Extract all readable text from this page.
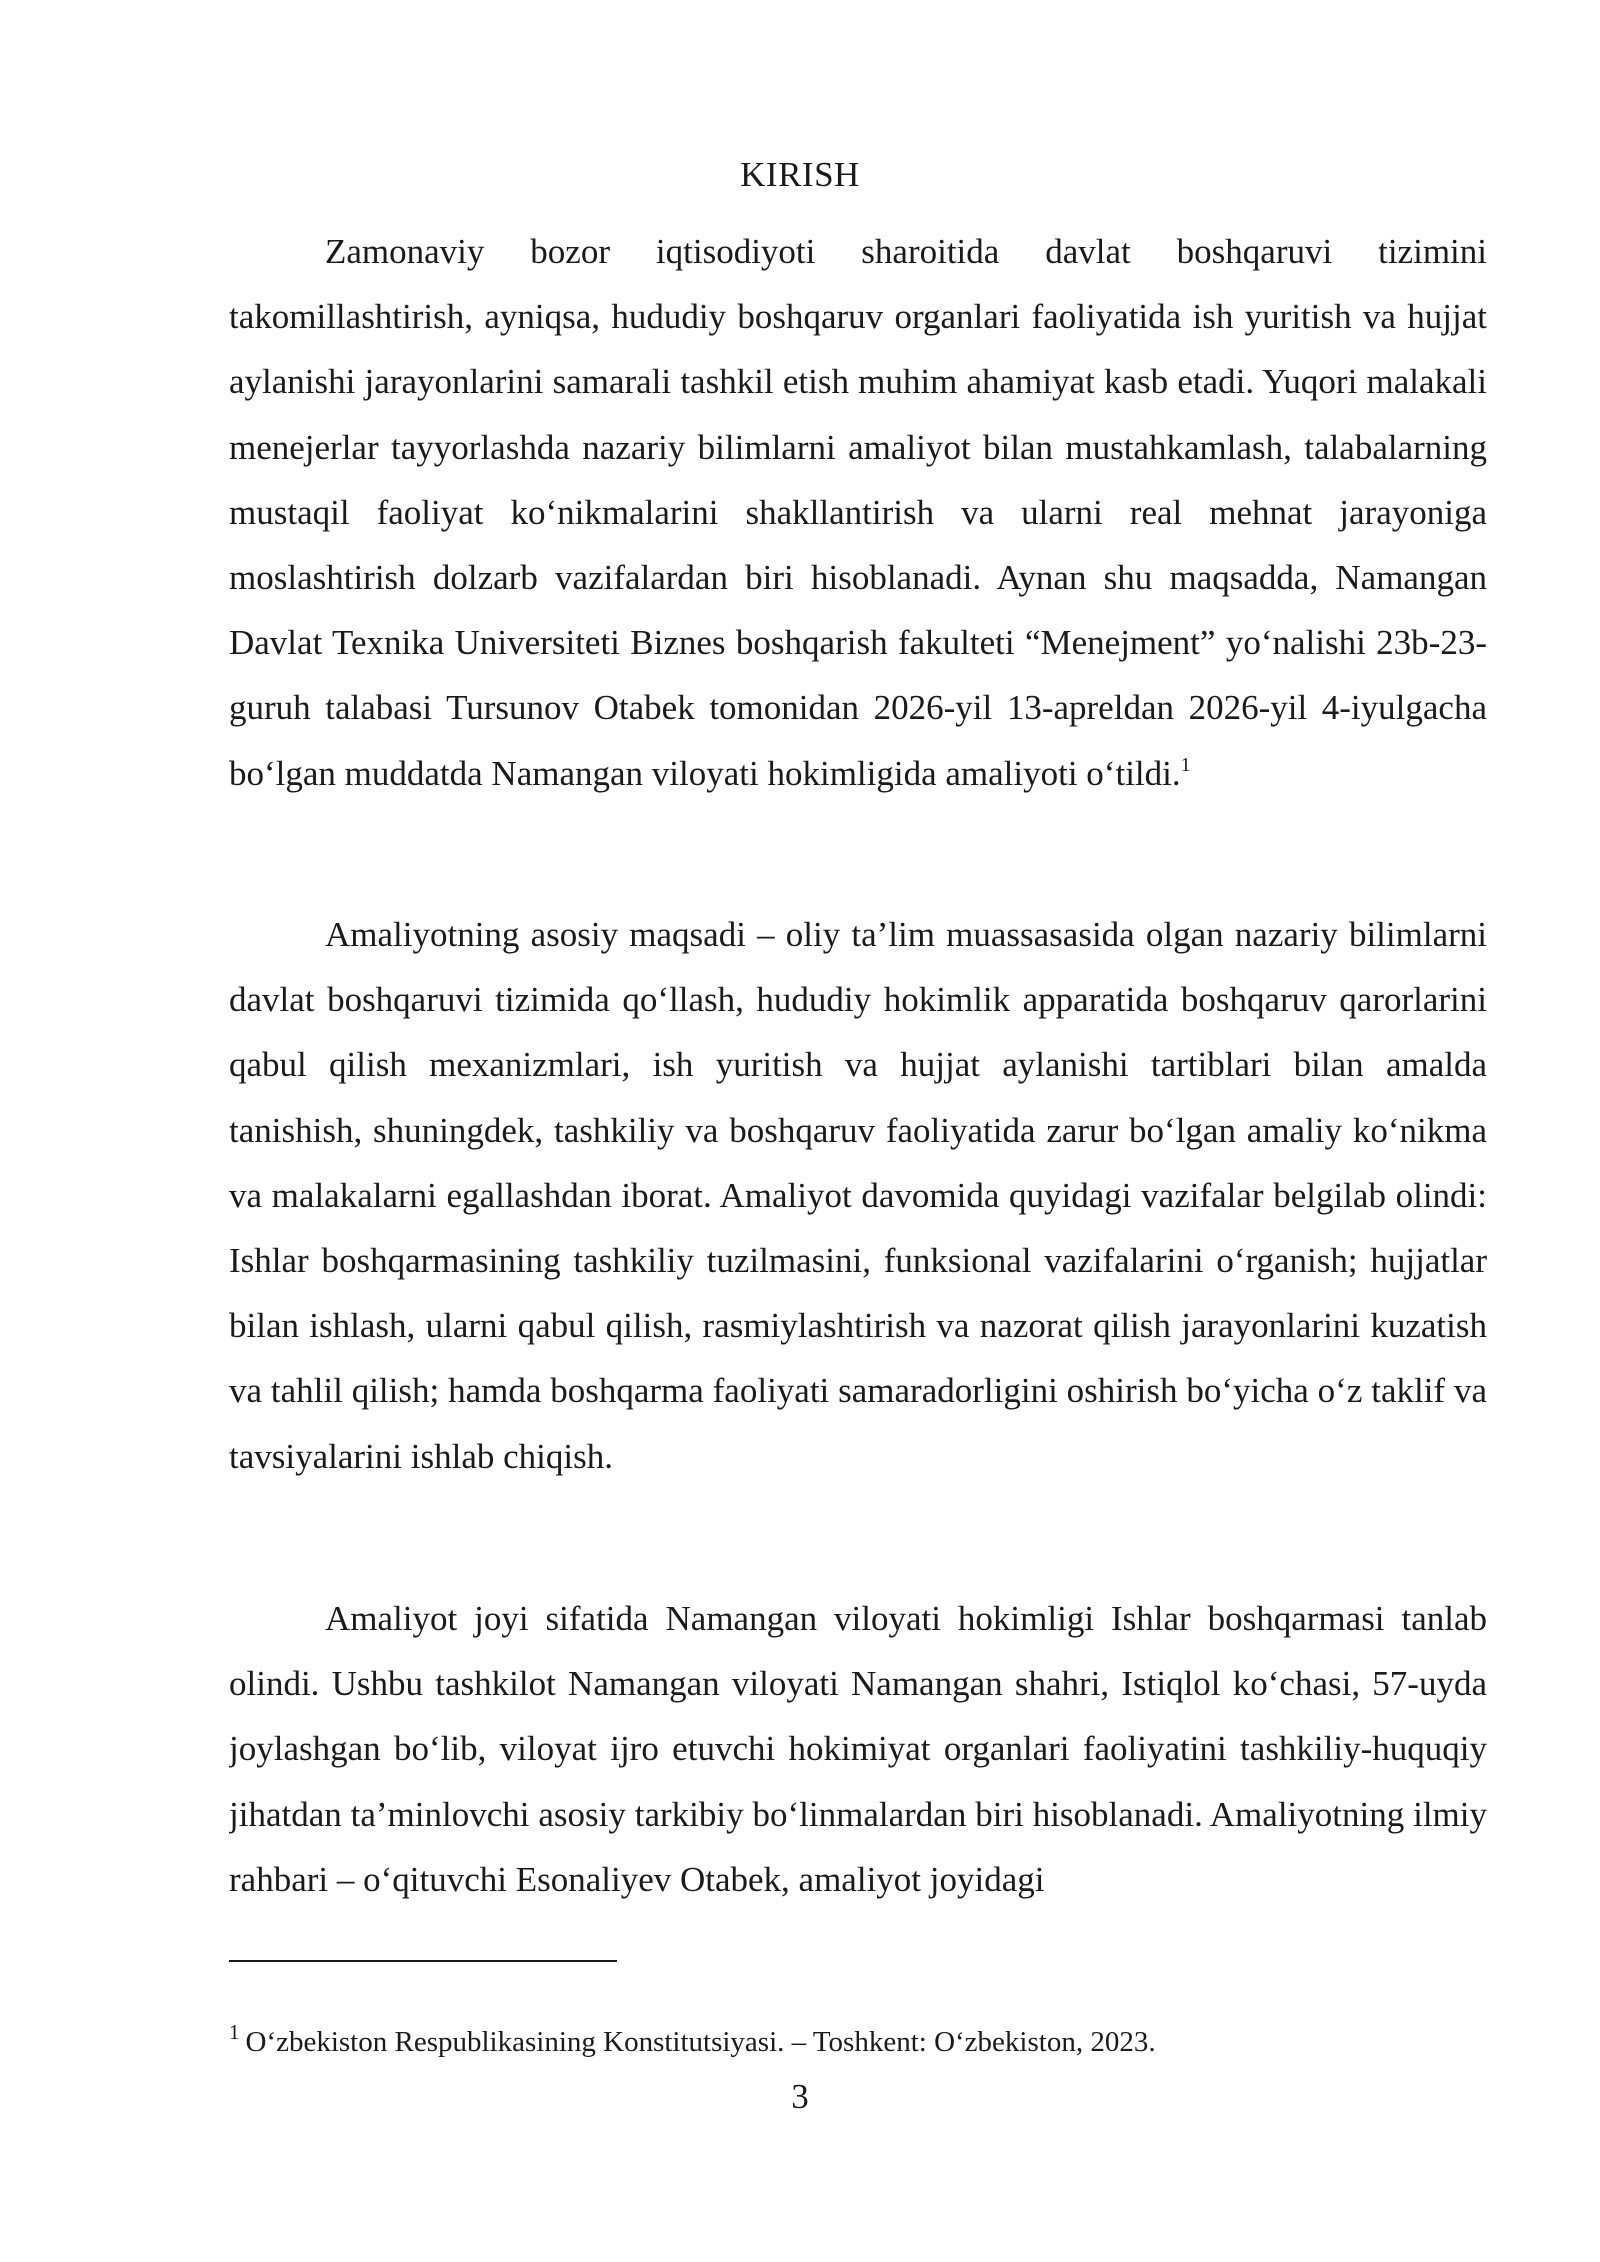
KIRISH

Zamonaviy bozor iqtisodiyoti sharoitida davlat boshqaruvi tizimini takomillashtirish, ayniqsa, hududiy boshqaruv organlari faoliyatida ish yuritish va hujjat aylanishi jarayonlarini samarali tashkil etish muhim ahamiyat kasb etadi. Yuqori malakali menejerlar tayyorlashda nazariy bilimlarni amaliyot bilan mustahkamlash, talabalarning mustaqil faoliyat ko‘nikmalarini shakllantirish va ularni real mehnat jarayoniga moslashtirish dolzarb vazifalardan biri hisoblanadi. Aynan shu maqsadda, Namangan Davlat Texnika Universiteti Biznes boshqarish fakulteti “Menejment” yo‘nalishi 23b-23-guruh talabasi Tursunov Otabek tomonidan 2026-yil 13-apreldan 2026-yil 4-iyulgacha bo‘lgan muddatda Namangan viloyati hokimligida amaliyoti o‘tildi.$^1$

Amaliyotning asosiy maqsadi – oliy ta’lim muassasasida olgan nazariy bilimlarni davlat boshqaruvi tizimida qo‘llash, hududiy hokimlik apparatida boshqaruv qarorlarini qabul qilish mexanizmlari, ish yuritish va hujjat aylanishi tartiblari bilan amalda tanishish, shuningdek, tashkiliy va boshqaruv faoliyatida zarur bo‘lgan amaliy ko‘nikma va malakalarni egallashdan iborat. Amaliyot davomida quyidagi vazifalar belgilab olindi: Ishlar boshqarmasining tashkiliy tuzilmasini, funksional vazifalarini o‘rganish; hujjatlar bilan ishlash, ularni qabul qilish, rasmiylashtirish va nazorat qilish jarayonlarini kuzatish va tahlil qilish; hamda boshqarma faoliyati samaradorligini oshirish bo‘yicha o‘z taklif va tavsiyalarini ishlab chiqish.

Amaliyot joyi sifatida Namangan viloyati hokimligi Ishlar boshqarmasi tanlab olindi. Ushbu tashkilot Namangan viloyati Namangan shahri, Istiqlol ko‘chasi, 57-uyda joylashgan bo‘lib, viloyat ijro etuvchi hokimiyat organlari faoliyatini tashkiliy-huquqiy jihatdan ta’minlovchi asosiy tarkibiy bo‘linmalardan biri hisoblanadi. Amaliyotning ilmiy rahbari – o‘qituvchi Esonaliyev Otabek, amaliyot joyidagi

$^1$ O‘zbekiston Respublikasining Konstitutsiyasi. – Toshkent: O‘zbekiston, 2023.
3
